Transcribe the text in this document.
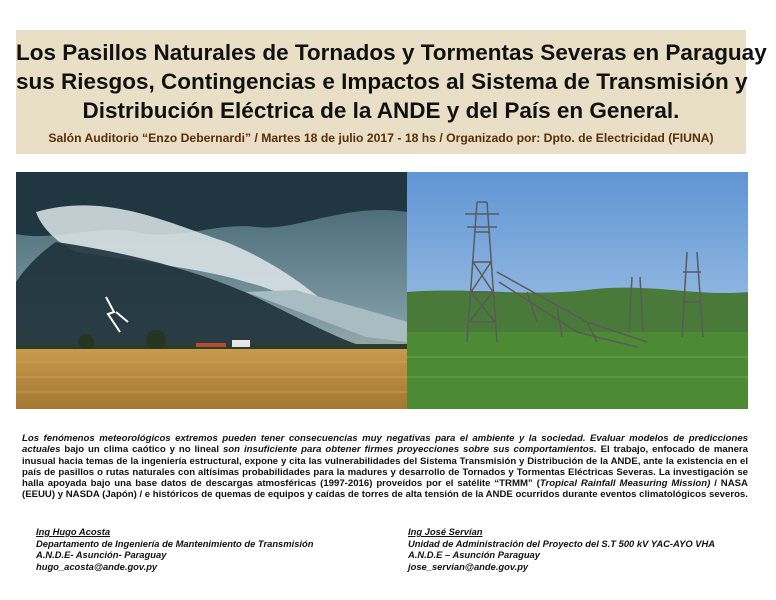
Los Pasillos Naturales de Tornados y Tormentas Severas en Paraguay
sus Riesgos, Contingencias e Impactos al Sistema de Transmisión y
Distribución Eléctrica de la ANDE y del País en General.
Salón Auditorio “Enzo Debernardi” / Martes 18 de julio 2017 - 18 hs / Organizado por: Dpto. de Electricidad (FIUNA)

Los fenómenos meteorológicos extremos pueden tener consecuencias muy negativas para el ambiente y la sociedad. Evaluar modelos de predicciones actuales bajo un clima caótico y no lineal son insuficiente para obtener firmes proyecciones sobre sus comportamientos. El trabajo, enfocado de manera inusual hacia temas de la ingeniería estructural, expone y cita las vulnerabilidades del Sistema Transmisión y Distribución de la ANDE, ante la existencia en el país de pasillos o rutas naturales con altísimas probabilidades para la madures y desarrollo de Tornados y Tormentas Eléctricas Severas. La investigación se halla apoyada bajo una base datos de descargas atmosféricas (1997-2016) proveídos por el satélite “TRMM” (Tropical Rainfall Measuring Mission) / NASA (EEUU) y NASDA (Japón) / e históricos de quemas de equipos y caídas de torres de alta tensión de la ANDE ocurridos durante eventos climatológicos severos.

Ing Hugo Acosta
Departamento de Ingeniería de Mantenimiento de Transmisión
A.N.D.E- Asunción- Paraguay
hugo_acosta@ande.gov.py
Ing José Servían
Unidad de Administración del Proyecto del S.T 500 kV YAC-AYO VHA
A.N.D.E – Asunción Paraguay
jose_servian@ande.gov.py
